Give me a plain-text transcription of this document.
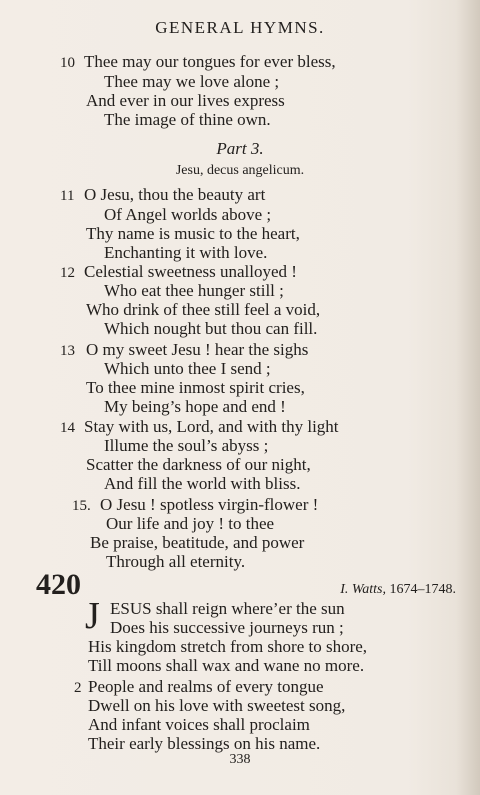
GENERAL HYMNS.
10 Thee may our tongues for ever bless,
Thee may we love alone ;
And ever in our lives express
The image of thine own.
Part 3.
Jesu, decus angelicum.
11 O Jesu, thou the beauty art
Of Angel worlds above ;
Thy name is music to the heart,
Enchanting it with love.
12 Celestial sweetness unalloyed !
Who eat thee hunger still ;
Who drink of thee still feel a void,
Which nought but thou can fill.
13 O my sweet Jesu ! hear the sighs
Which unto thee I send ;
To thee mine inmost spirit cries,
My being’s hope and end !
14 Stay with us, Lord, and with thy light
Illume the soul’s abyss ;
Scatter the darkness of our night,
And fill the world with bliss.
15. O Jesu ! spotless virgin-flower !
Our life and joy ! to thee
Be praise, beatitude, and power
Through all eternity.
420	I. Watts, 1674–1748.
J ESUS shall reign where’er the sun
Does his successive journeys run ;
His kingdom stretch from shore to shore,
Till moons shall wax and wane no more.
2 People and realms of every tongue
Dwell on his love with sweetest song,
And infant voices shall proclaim
Their early blessings on his name.
338
